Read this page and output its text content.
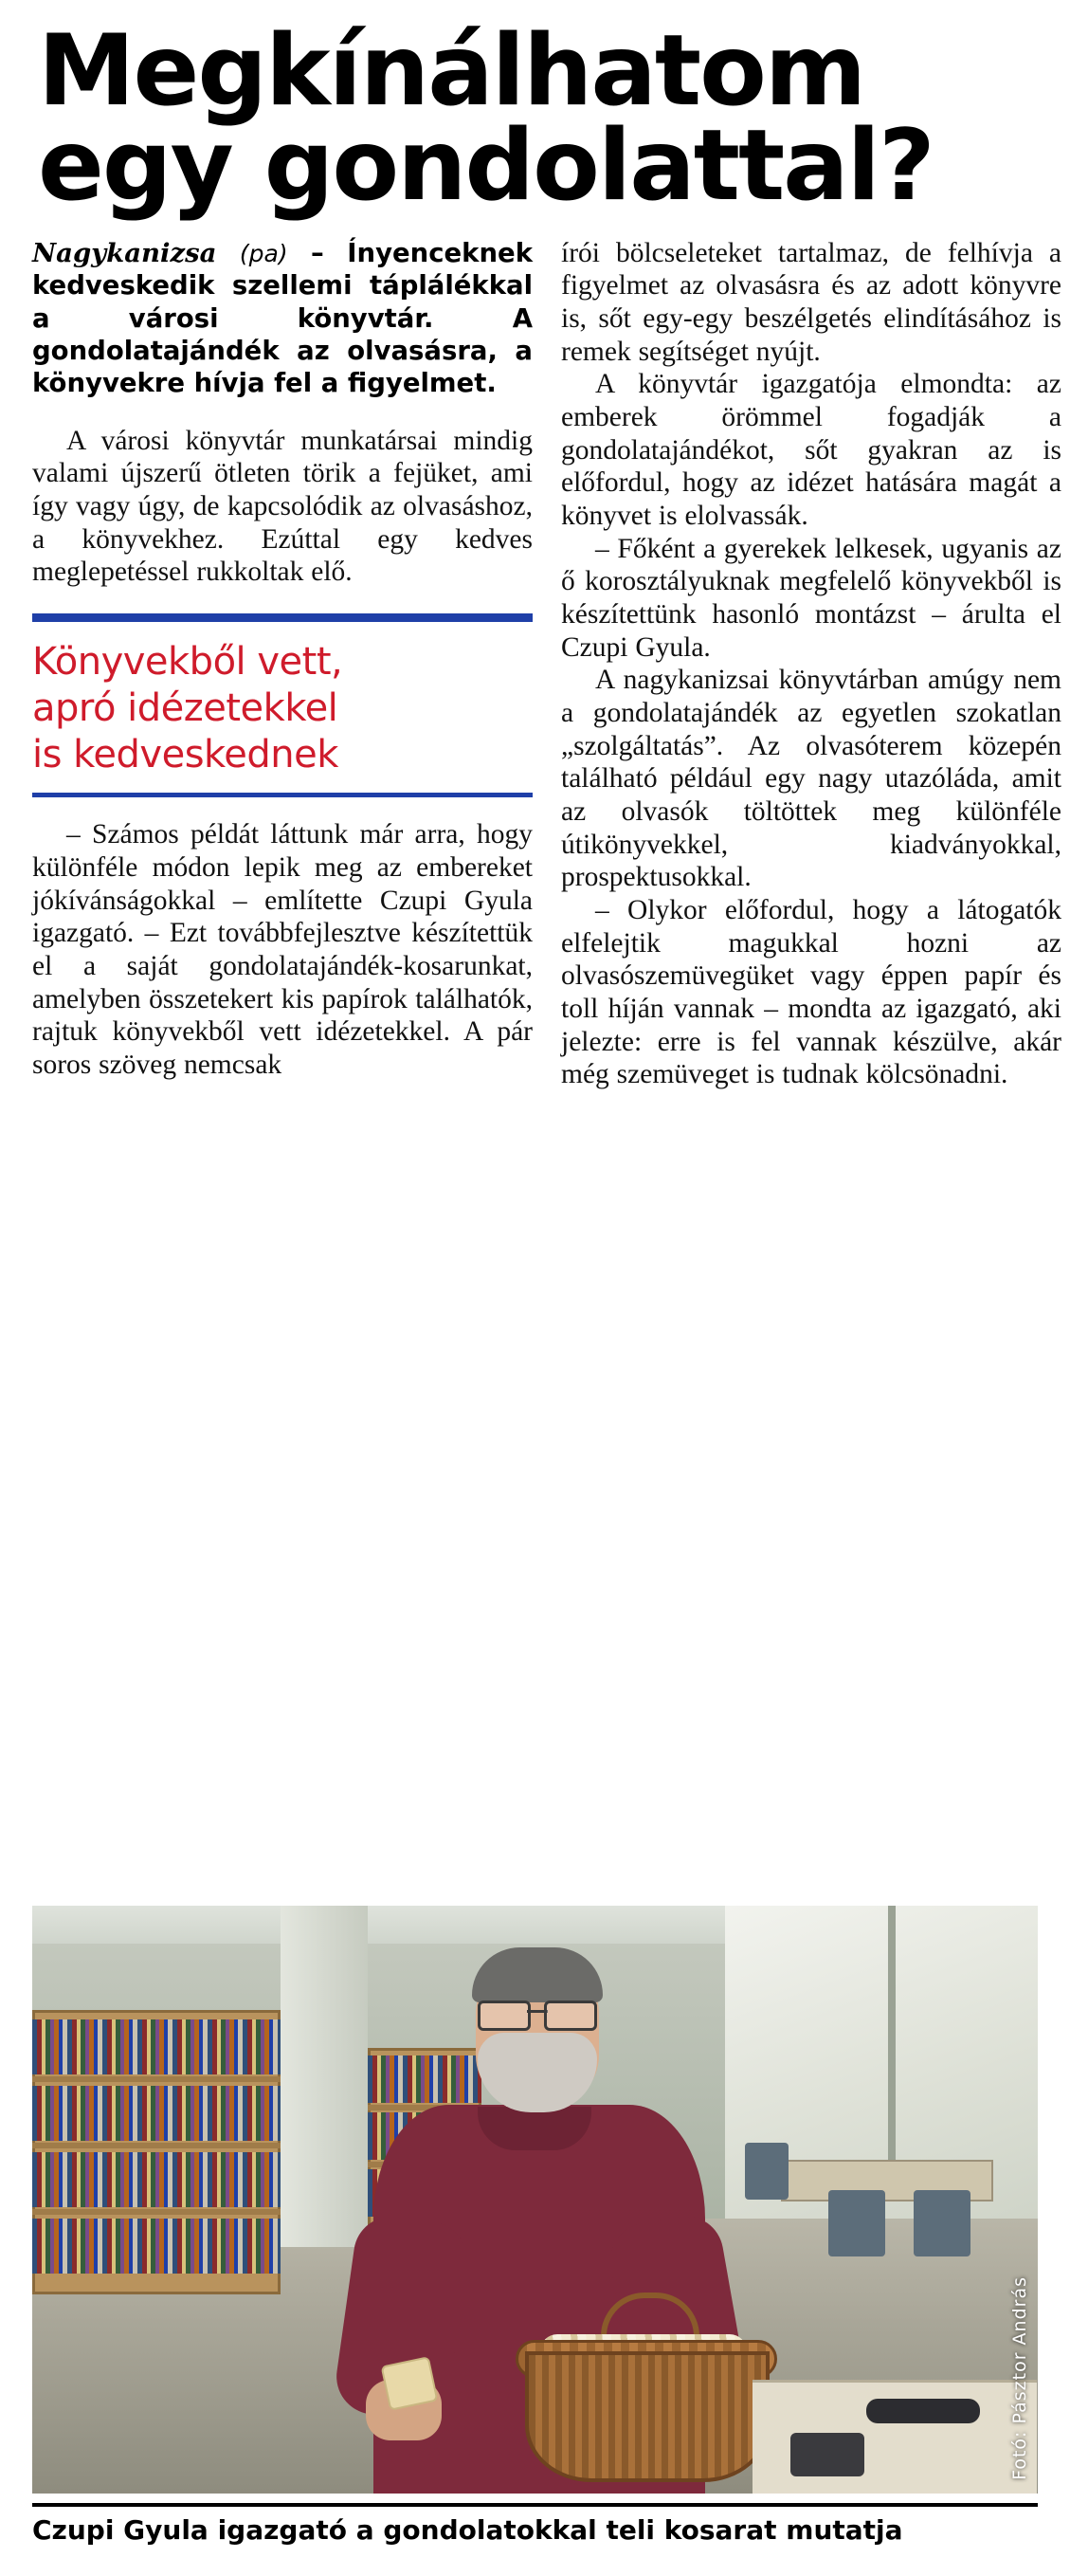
Megkínálhatom
egy gondolattal?

Nagykanizsa (pa) – Ínyenceknek kedveskedik szellemi táplálékkal a városi könyvtár. A gondolatajándék az olvasásra, a könyvekre hívja fel a figyelmet.

A városi könyvtár munkatársai mindig valami újszerű ötleten törik a fejüket, ami így vagy úgy, de kapcsolódik az olvasáshoz, a könyvekhez. Ezúttal egy kedves meglepetéssel rukkoltak elő.

Könyvekből vett,
apró idézetekkel
is kedveskednek

– Számos példát láttunk már arra, hogy különféle módon lepik meg az embereket jókívánságokkal – említette Czupi Gyula igazgató. – Ezt továbbfejlesztve készítettük el a saját gondolatajándék-kosarunkat, amelyben összetekert kis papírok találhatók, rajtuk könyvekből vett idézetekkel. A pár soros szöveg nemcsak

írói bölcseleteket tartalmaz, de felhívja a figyelmet az olvasásra és az adott könyvre is, sőt egy-egy beszélgetés elindításához is remek segítséget nyújt.

A könyvtár igazgatója elmondta: az emberek örömmel fogadják a gondolatajándékot, sőt gyakran az is előfordul, hogy az idézet hatására magát a könyvet is elolvassák.

– Főként a gyerekek lelkesek, ugyanis az ő korosztályuknak megfelelő könyvekből is készítettünk hasonló montázst – árulta el Czupi Gyula.

A nagykanizsai könyvtárban amúgy nem a gondolatajándék az egyetlen szokatlan „szolgáltatás”. Az olvasóterem közepén található például egy nagy utazóláda, amit az olvasók töltöttek meg különféle útikönyvekkel, kiadványokkal, prospektusokkal.

– Olykor előfordul, hogy a látogatók elfelejtik magukkal hozni az olvasószemüvegüket vagy éppen papír és toll híján vannak – mondta az igazgató, aki jelezte: erre is fel vannak készülve, akár még szemüveget is tudnak kölcsönadni.

Fotó: Pásztor András
Czupi Gyula igazgató a gondolatokkal teli kosarat mutatja
